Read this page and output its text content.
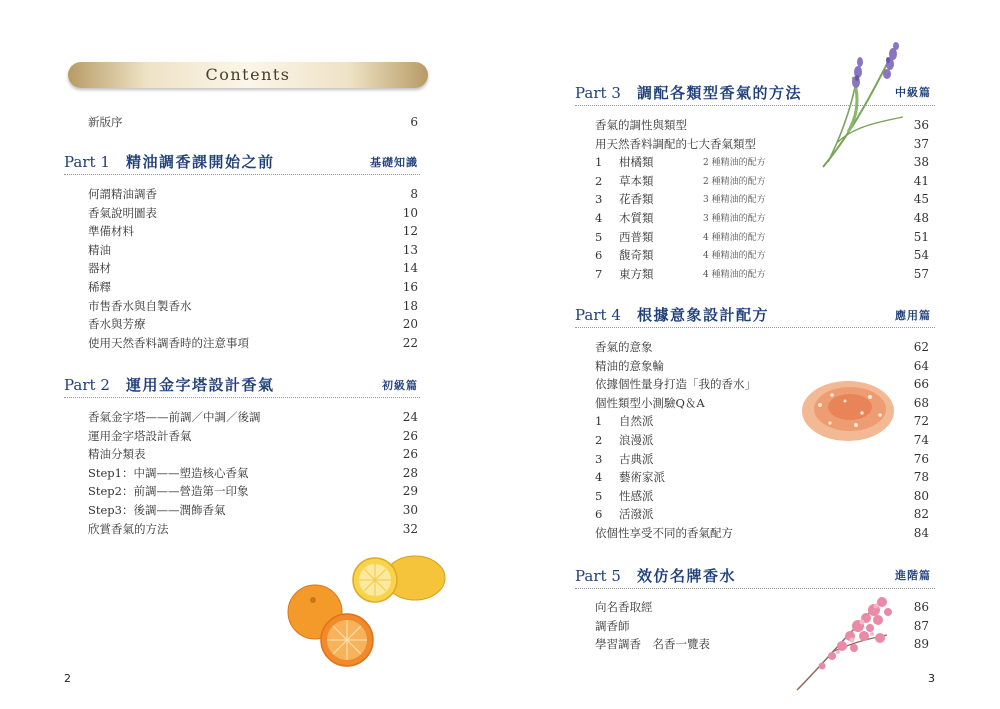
Contents
新版序	6
Part 1	精油調香課開始之前	基礎知識
何謂精油調香	8
香氣說明圖表	10
準備材料	12
精油	13
器材	14
稀釋	16
市售香水與自製香水	18
香水與芳療	20
使用天然香料調香時的注意事項	22
Part 2	運用金字塔設計香氣	初級篇
香氣金字塔——前調／中調／後調	24
運用金字塔設計香氣	26
精油分類表	26
Step1：中調——塑造核心香氣	28
Step2：前調——營造第一印象	29
Step3：後調——潤飾香氣	30
欣賞香氣的方法	32
2
Part 3	調配各類型香氣的方法	中級篇
香氣的調性與類型	36
用天然香料調配的七大香氣類型	37
1	柑橘類	2 種精油的配方	38
2	草本類	2 種精油的配方	41
3	花香類	3 種精油的配方	45
4	木質類	3 種精油的配方	48
5	西普類	4 種精油的配方	51
6	馥奇類	4 種精油的配方	54
7	東方類	4 種精油的配方	57
Part 4	根據意象設計配方	應用篇
香氣的意象	62
精油的意象輪	64
依據個性量身打造「我的香水」	66
個性類型小測驗Q＆A	68
1	自然派	72
2	浪漫派	74
3	古典派	76
4	藝術家派	78
5	性感派	80
6	活潑派	82
依個性享受不同的香氣配方	84
Part 5	效仿名牌香水	進階篇
向名香取經	86
調香師	87
學習調香　名香一覽表	89
3
